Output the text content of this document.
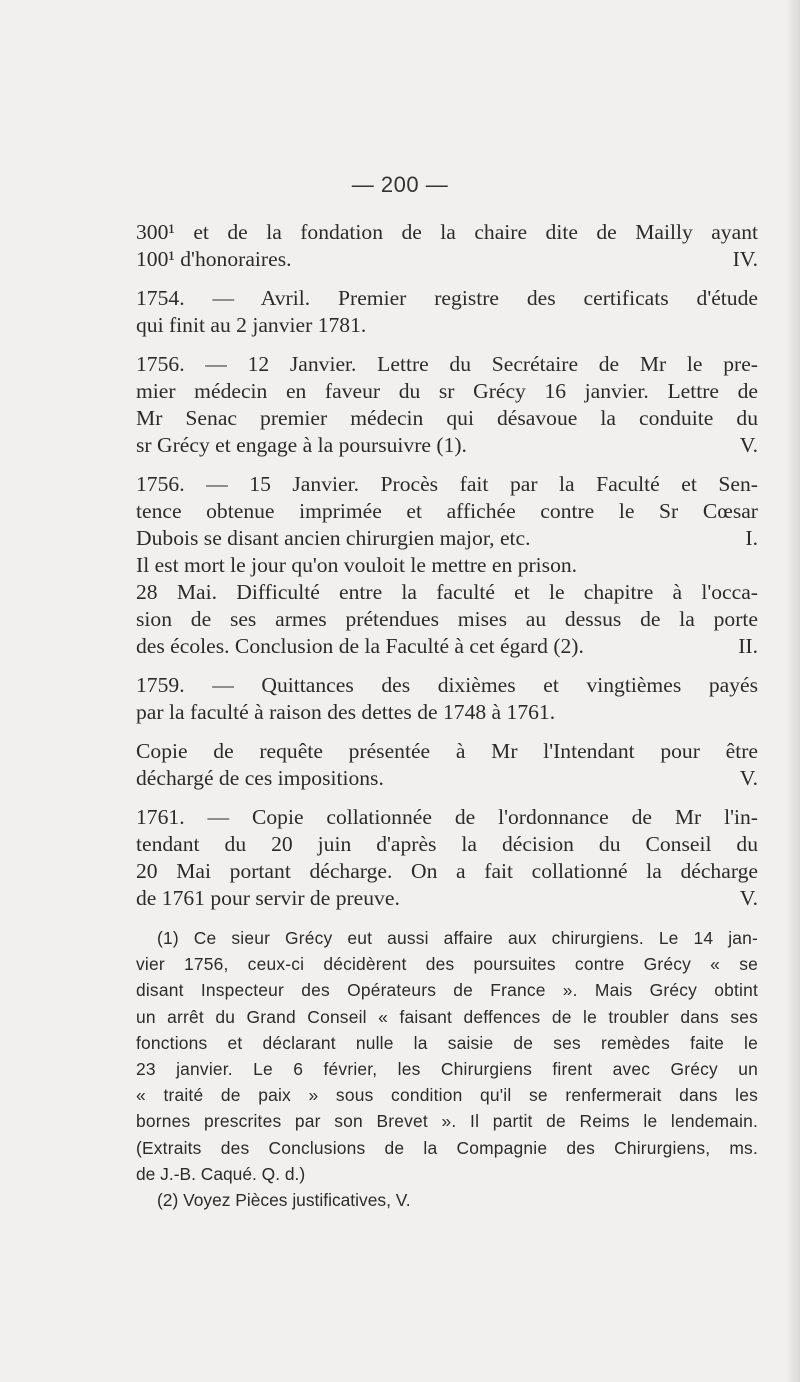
— 200 —
300¹ et de la fondation de la chaire dite de Mailly ayant
100¹ d'honoraires.	IV.
1754. — Avril. Premier registre des certificats d'étude
qui finit au 2 janvier 1781.
1756. — 12 Janvier. Lettre du Secrétaire de Mr le pre-
mier médecin en faveur du sr Grécy 16 janvier. Lettre de
Mr Senac premier médecin qui désavoue la conduite du
sr Grécy et engage à la poursuivre (1).	V.
1756. — 15 Janvier. Procès fait par la Faculté et Sen-
tence obtenue imprimée et affichée contre le Sr Cœsar
Dubois se disant ancien chirurgien major, etc.	I.
Il est mort le jour qu'on vouloit le mettre en prison.
28 Mai. Difficulté entre la faculté et le chapitre à l'occa-
sion de ses armes prétendues mises au dessus de la porte
des écoles. Conclusion de la Faculté à cet égard (2).	II.
1759. — Quittances des dixièmes et vingtièmes payés
par la faculté à raison des dettes de 1748 à 1761.
Copie de requête présentée à Mr l'Intendant pour être
déchargé de ces impositions.	V.
1761. — Copie collationnée de l'ordonnance de Mr l'in-
tendant du 20 juin d'après la décision du Conseil du
20 Mai portant décharge. On a fait collationné la décharge
de 1761 pour servir de preuve.	V.
(1) Ce sieur Grécy eut aussi affaire aux chirurgiens. Le 14 jan-
vier 1756, ceux-ci décidèrent des poursuites contre Grécy « se
disant Inspecteur des Opérateurs de France ». Mais Grécy obtint
un arrêt du Grand Conseil « faisant deffences de le troubler dans ses
fonctions et déclarant nulle la saisie de ses remèdes faite le
23 janvier. Le 6 février, les Chirurgiens firent avec Grécy un
« traité de paix » sous condition qu'il se renfermerait dans les
bornes prescrites par son Brevet ». Il partit de Reims le lendemain.
(Extraits des Conclusions de la Compagnie des Chirurgiens, ms.
de J.-B. Caqué. Q. d.)
(2) Voyez Pièces justificatives, V.
